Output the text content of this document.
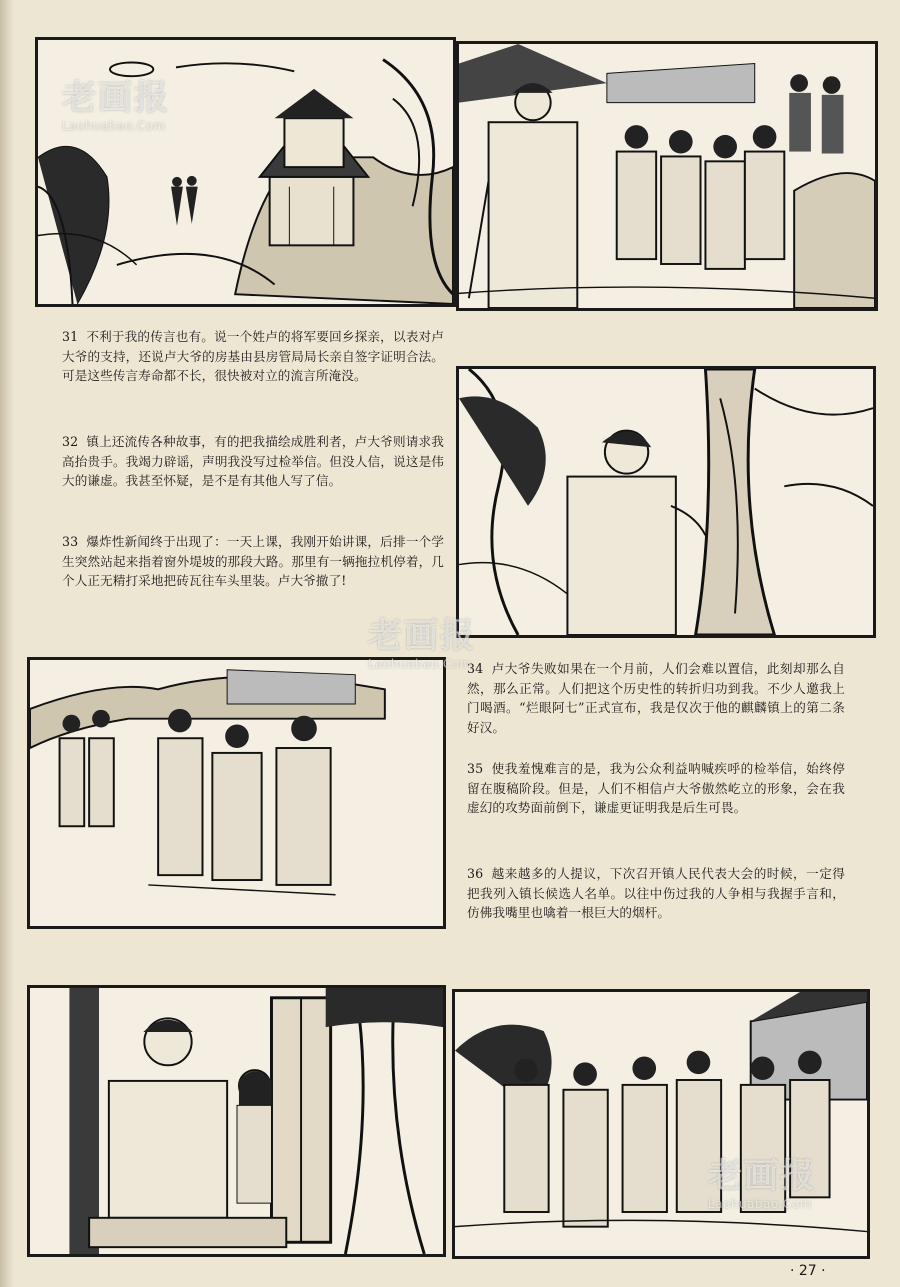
31 不利于我的传言也有。说一个姓卢的将军要回乡探亲，以表对卢大爷的支持，还说卢大爷的房基由县房管局局长亲自签字证明合法。可是这些传言寿命都不长，很快被对立的流言所淹没。
32 镇上还流传各种故事，有的把我描绘成胜利者，卢大爷则请求我高抬贵手。我竭力辟谣，声明我没写过检举信。但没人信，说这是伟大的谦虚。我甚至怀疑，是不是有其他人写了信。
33 爆炸性新闻终于出现了：一天上课，我刚开始讲课，后排一个学生突然站起来指着窗外堤坡的那段大路。那里有一辆拖拉机停着，几个人正无精打采地把砖瓦往车头里装。卢大爷撤了!
34 卢大爷失败如果在一个月前，人们会难以置信，此刻却那么自然，那么正常。人们把这个历史性的转折归功到我。不少人邀我上门喝酒。“烂眼阿七”正式宣布，我是仅次于他的麒麟镇上的第二条好汉。
35 使我羞愧难言的是，我为公众利益呐喊疾呼的检举信，始终停留在腹稿阶段。但是，人们不相信卢大爷傲然屹立的形象，会在我虚幻的攻势面前倒下，谦虚更证明我是后生可畏。
36 越来越多的人提议，下次召开镇人民代表大会的时候，一定得把我列入镇长候选人名单。以往中伤过我的人争相与我握手言和，仿佛我嘴里也噙着一根巨大的烟杆。
老画报
Laohuabao.Com
老画报
Laohuabao.Com
老画报
Laohuabao.Com
· 27 ·
